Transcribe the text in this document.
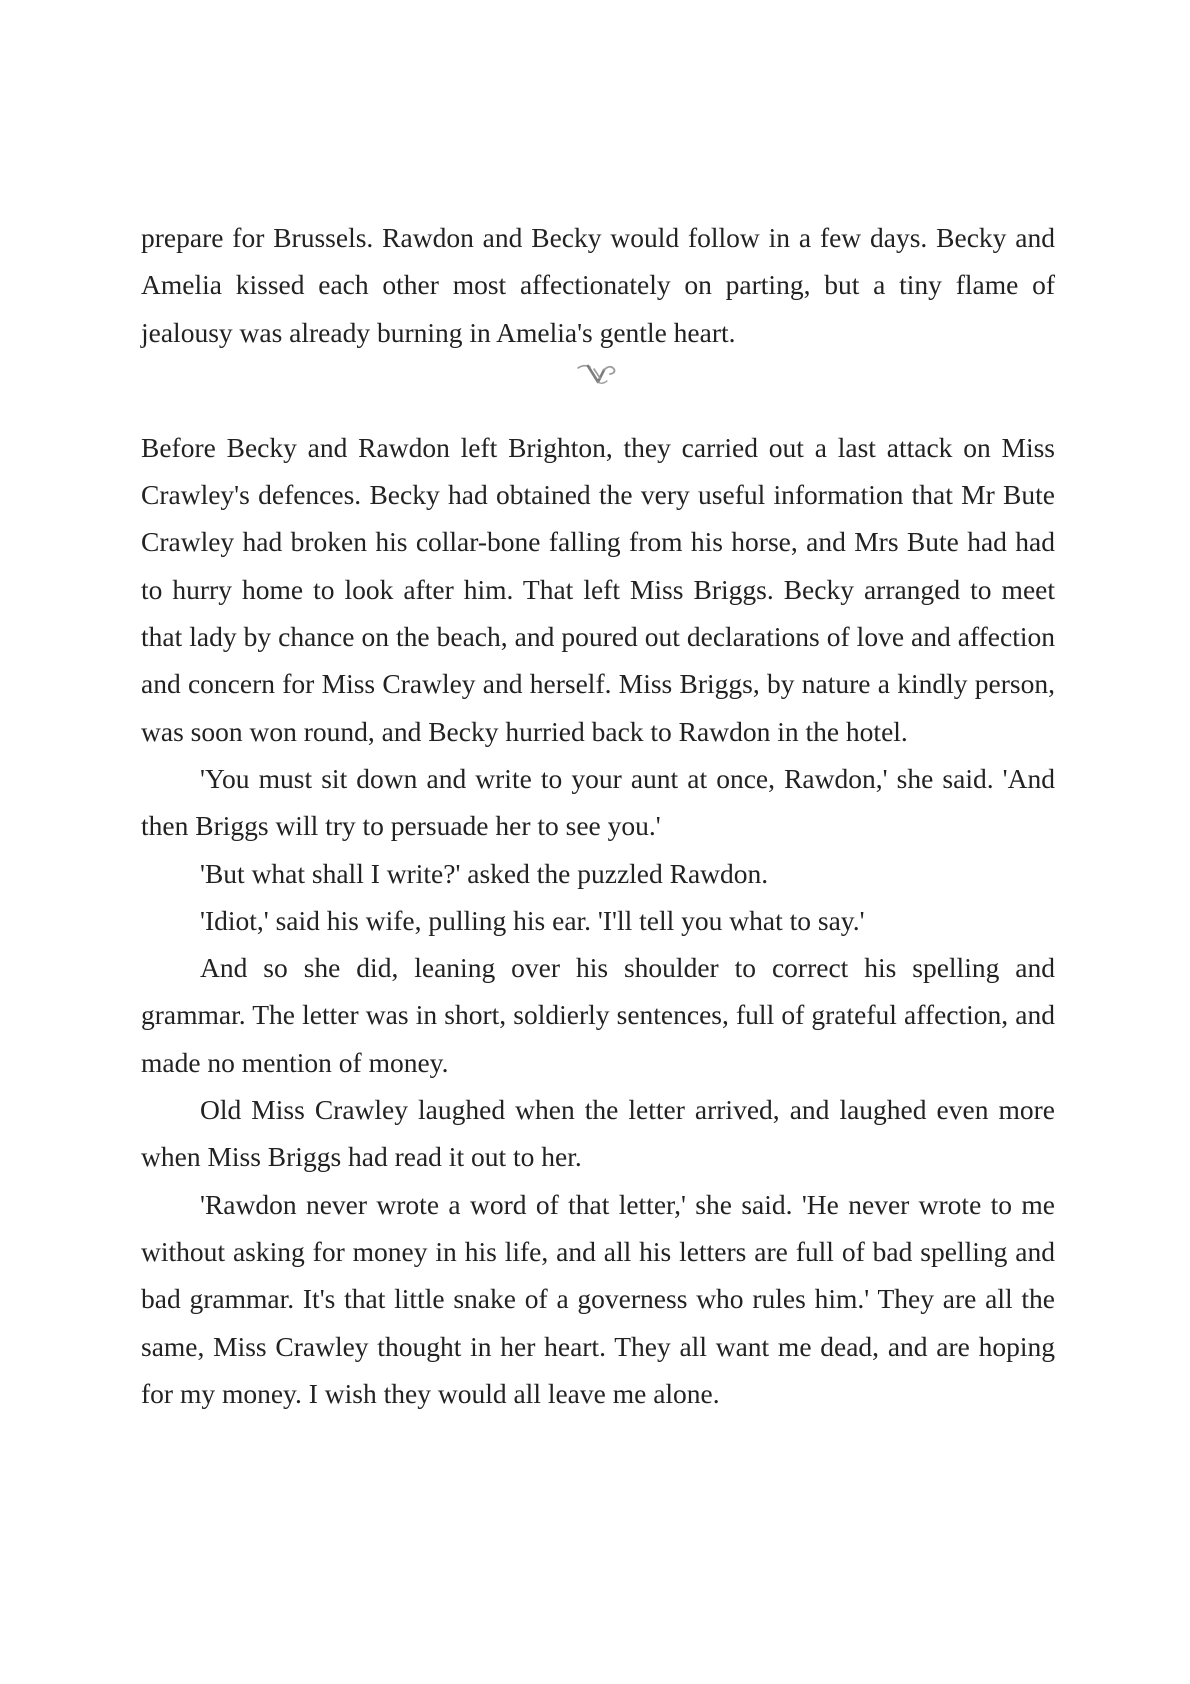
prepare for Brussels. Rawdon and Becky would follow in a few days. Becky and Amelia kissed each other most affectionately on parting, but a tiny flame of jealousy was already burning in Amelia's gentle heart.

Before Becky and Rawdon left Brighton, they carried out a last attack on Miss Crawley's defences. Becky had obtained the very useful information that Mr Bute Crawley had broken his collar-bone falling from his horse, and Mrs Bute had had to hurry home to look after him. That left Miss Briggs. Becky arranged to meet that lady by chance on the beach, and poured out declarations of love and affection and concern for Miss Crawley and herself. Miss Briggs, by nature a kindly person, was soon won round, and Becky hurried back to Rawdon in the hotel.

'You must sit down and write to your aunt at once, Rawdon,' she said. 'And then Briggs will try to persuade her to see you.'

'But what shall I write?' asked the puzzled Rawdon.

'Idiot,' said his wife, pulling his ear. 'I'll tell you what to say.'

And so she did, leaning over his shoulder to correct his spelling and grammar. The letter was in short, soldierly sentences, full of grateful affection, and made no mention of money.

Old Miss Crawley laughed when the letter arrived, and laughed even more when Miss Briggs had read it out to her.

'Rawdon never wrote a word of that letter,' she said. 'He never wrote to me without asking for money in his life, and all his letters are full of bad spelling and bad grammar. It's that little snake of a governess who rules him.' They are all the same, Miss Crawley thought in her heart. They all want me dead, and are hoping for my money. I wish they would all leave me alone.
